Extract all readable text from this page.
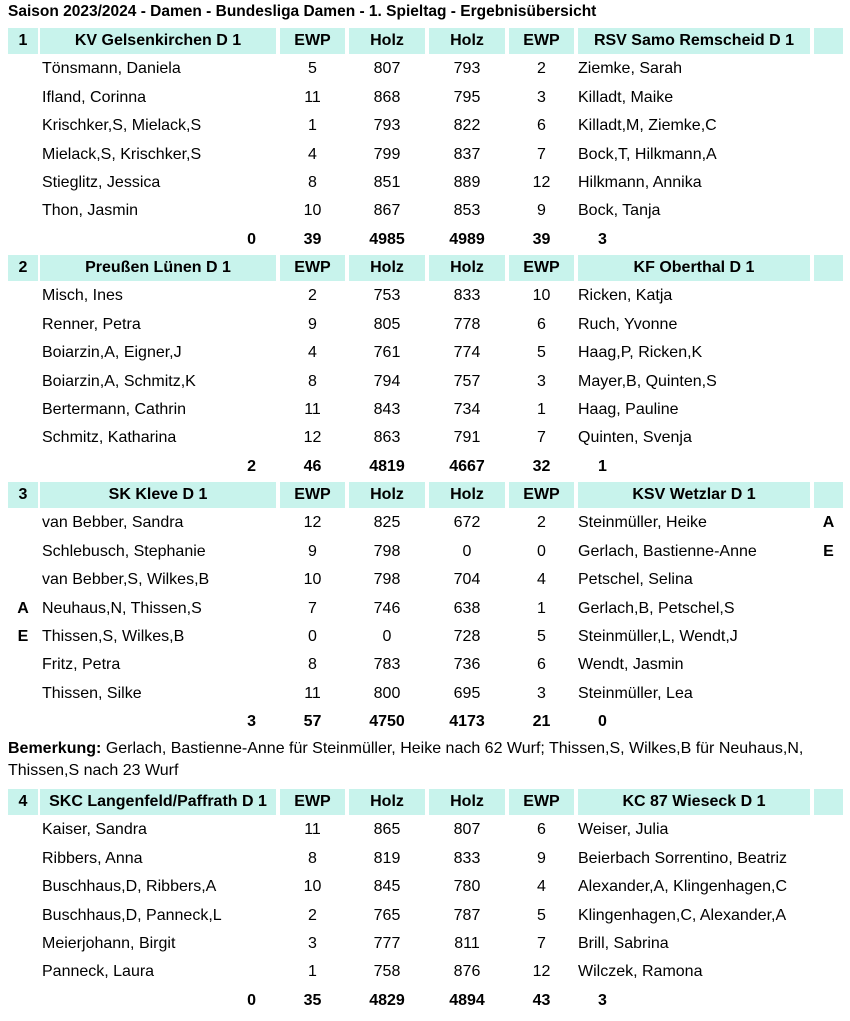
Saison 2023/2024 - Damen - Bundesliga Damen - 1. Spieltag - Ergebnisübersicht
1	KV Gelsenkirchen D 1	EWP	Holz	Holz	EWP	RSV Samo Remscheid D 1
Tönsmann, Daniela	5	807	793	2	Ziemke, Sarah
Ifland, Corinna	11	868	795	3	Killadt, Maike
Krischker,S, Mielack,S	1	793	822	6	Killadt,M, Ziemke,C
Mielack,S, Krischker,S	4	799	837	7	Bock,T, Hilkmann,A
Stieglitz, Jessica	8	851	889	12	Hilkmann, Annika
Thon, Jasmin	10	867	853	9	Bock, Tanja
0	39	4985	4989	39	3
2	Preußen Lünen D 1	EWP	Holz	Holz	EWP	KF Oberthal D 1
Misch, Ines	2	753	833	10	Ricken, Katja
Renner, Petra	9	805	778	6	Ruch, Yvonne
Boiarzin,A, Eigner,J	4	761	774	5	Haag,P, Ricken,K
Boiarzin,A, Schmitz,K	8	794	757	3	Mayer,B, Quinten,S
Bertermann, Cathrin	11	843	734	1	Haag, Pauline
Schmitz, Katharina	12	863	791	7	Quinten, Svenja
2	46	4819	4667	32	1
3	SK Kleve D 1	EWP	Holz	Holz	EWP	KSV Wetzlar D 1
van Bebber, Sandra	12	825	672	2	Steinmüller, Heike	A
Schlebusch, Stephanie	9	798	0	0	Gerlach, Bastienne-Anne	E
van Bebber,S, Wilkes,B	10	798	704	4	Petschel, Selina
A Neuhaus,N, Thissen,S	7	746	638	1	Gerlach,B, Petschel,S
E Thissen,S, Wilkes,B	0	0	728	5	Steinmüller,L, Wendt,J
Fritz, Petra	8	783	736	6	Wendt, Jasmin
Thissen, Silke	11	800	695	3	Steinmüller, Lea
3	57	4750	4173	21	0
4	SKC Langenfeld/Paffrath D 1	EWP	Holz	Holz	EWP	KC 87 Wieseck D 1
Kaiser, Sandra	11	865	807	6	Weiser, Julia
Ribbers, Anna	8	819	833	9	Beierbach Sorrentino, Beatriz
Buschhaus,D, Ribbers,A	10	845	780	4	Alexander,A, Klingenhagen,C
Buschhaus,D, Panneck,L	2	765	787	5	Klingenhagen,C, Alexander,A
Meierjohann, Birgit	3	777	811	7	Brill, Sabrina
Panneck, Laura	1	758	876	12	Wilczek, Ramona
0	35	4829	4894	43	3
Bemerkung: Gerlach, Bastienne-Anne für Steinmüller, Heike nach 62 Wurf; Thissen,S, Wilkes,B für Neuhaus,N, Thissen,S nach 23 Wurf
